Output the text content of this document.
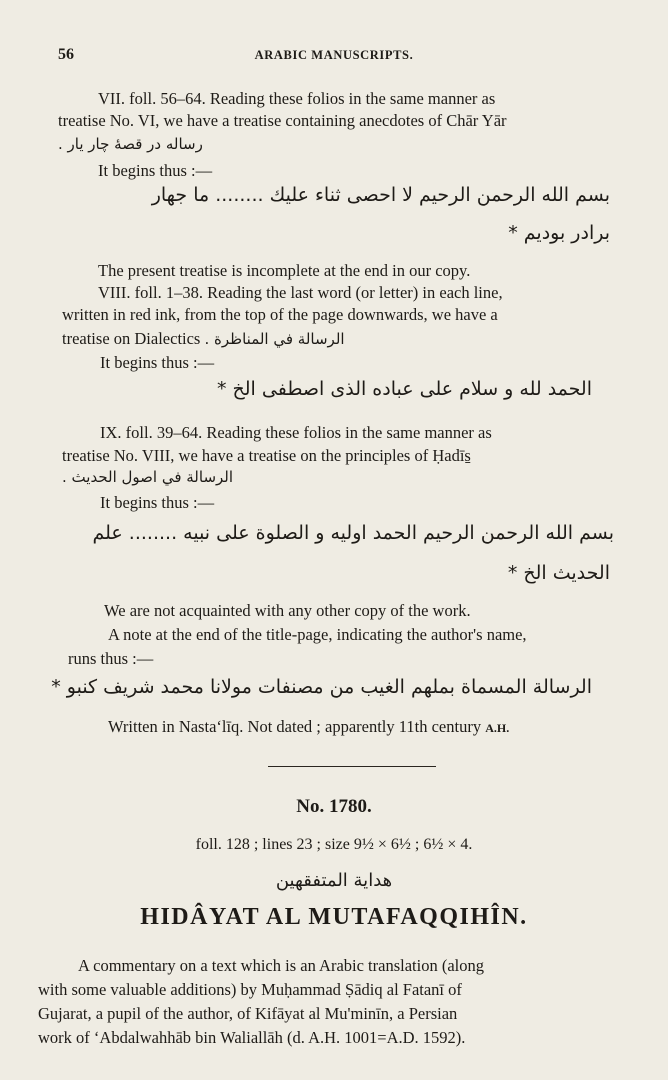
56	ARABIC MANUSCRIPTS.
VII. foll. 56–64. Reading these folios in the same manner as
treatise No. VI, we have a treatise containing anecdotes of Chār Yār
رساله در قصهٔ چار یار .
It begins thus :—
بسم الله الرحمن الرحیم لا احصی ثناء علیك ........ ما جهار
برادر بودیم *
The present treatise is incomplete at the end in our copy.
VIII. foll. 1–38. Reading the last word (or letter) in each line,
written in red ink, from the top of the page downwards, we have a
treatise on Dialectics الرسالة في المناظرة .
It begins thus :—
الحمد لله و سلام علی عباده الذی اصطفی الخ *
IX. foll. 39–64. Reading these folios in the same manner as
treatise No. VIII, we have a treatise on the principles of Ḥadīs̱
الرسالة في اصول الحديث .
It begins thus :—
بسم الله الرحمن الرحیم الحمد اولیه و الصلوة علی نبیه ........ علم
الحديث الخ *
We are not acquainted with any other copy of the work.
A note at the end of the title-page, indicating the author's name,
runs thus :—
الرسالة المسماة بملهم الغيب من مصنفات مولانا محمد شريف كنبو *
Written in Nastaʻlīq. Not dated ; apparently 11th century A.H.
No. 1780.
foll. 128 ; lines 23 ; size 9½ × 6½ ; 6½ × 4.
هداية المتفقهين
HIDÂYAT AL MUTAFAQQIHÎN.
A commentary on a text which is an Arabic translation (along
with some valuable additions) by Muḥammad Ṣādiq al Fatanī of
Gujarat, a pupil of the author, of Kifāyat al Mu'minīn, a Persian
work of ʻAbdalwahhāb bin Waliallāh (d. A.H. 1001=A.D. 1592).
